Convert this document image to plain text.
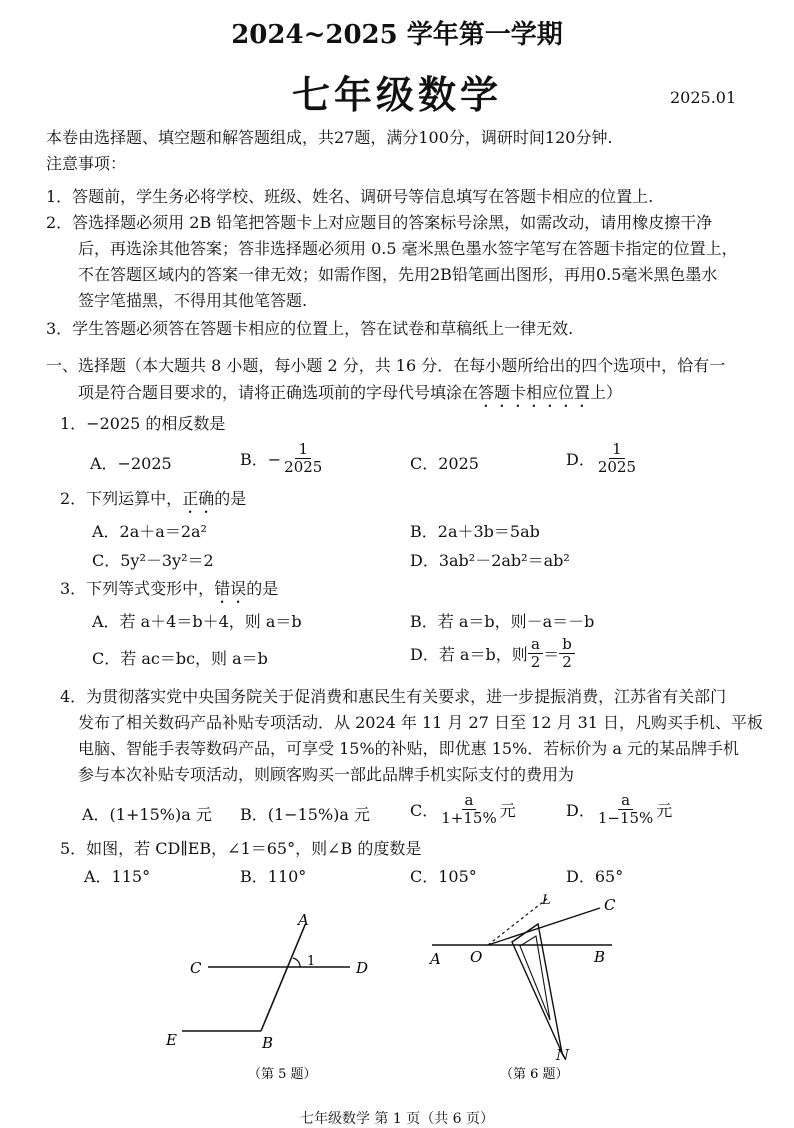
2024~2025 学年第一学期
七年级数学	2025.01
本卷由选择题、填空题和解答题组成，共27题，满分100分，调研时间120分钟.
注意事项：
1．答题前，学生务必将学校、班级、姓名、调研号等信息填写在答题卡相应的位置上.
2．答选择题必须用 2B 铅笔把答题卡上对应题目的答案标号涂黑，如需改动，请用橡皮擦干净
后，再选涂其他答案；答非选择题必须用 0.5 毫米黑色墨水签字笔写在答题卡指定的位置上，
不在答题区域内的答案一律无效；如需作图，先用2B铅笔画出图形，再用0.5毫米黑色墨水
签字笔描黑，不得用其他笔答题.
3．学生答题必须答在答题卡相应的位置上，答在试卷和草稿纸上一律无效.
一、选择题（本大题共 8 小题，每小题 2 分，共 16 分．在每小题所给出的四个选项中，恰有一
项是符合题目要求的，请将正确选项前的字母代号填涂在答题卡相应位置上）
1．−2025 的相反数是
A．−2025	B．− $\frac{1}{2025}$	C．2025	D． $\frac{1}{2025}$
2．下列运算中，正确的是
A．2a＋a＝2a²	B．2a＋3b＝5ab
C．5y²－3y²＝2	D．3ab²－2ab²＝ab²
3．下列等式变形中，错误的是
A．若 a＋4＝b＋4，则 a＝b	B．若 a＝b，则－a＝－b
C．若 ac＝bc，则 a＝b	D．若 a＝b，则 $\frac{a}{2} = \frac{b}{2}$
4．为贯彻落实党中央国务院关于促消费和惠民生有关要求，进一步提振消费，江苏省有关部门
发布了相关数码产品补贴专项活动．从 2024 年 11 月 27 日至 12 月 31 日，凡购买手机、平板
电脑、智能手表等数码产品，可享受 15%的补贴，即优惠 15%．若标价为 a 元的某品牌手机
参与本次补贴专项活动，则顾客购买一部此品牌手机实际支付的费用为
A．(1+15%)a 元 B．(1−15%)a 元 C． $\frac{a}{1+15\%}$ 元	D． $\frac{a}{1-15\%}$ 元
5．如图，若 CD∥EB，∠1＝65°，则∠B 的度数是
A．115°	B．110°	C．105°	D．65°
A
C	D
E	B
1
（第 5 题）
A O	B
C
L
N
（第 6 题）
七年级数学 第 1 页（共 6 页）
